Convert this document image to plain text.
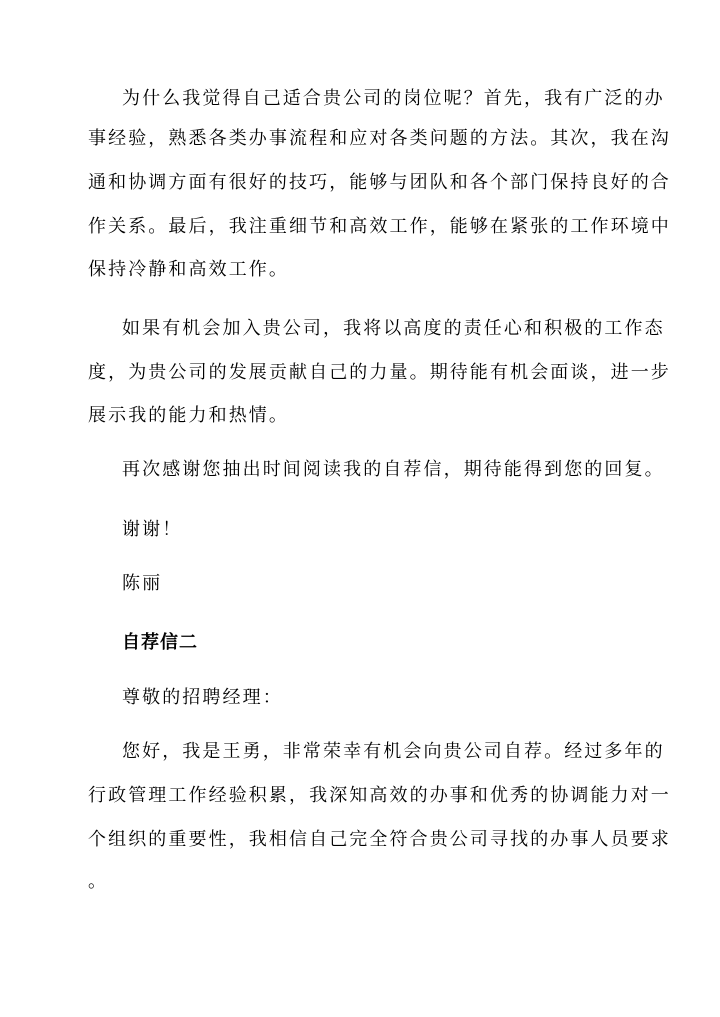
为什么我觉得自己适合贵公司的岗位呢？首先，我有广泛的办

事经验，熟悉各类办事流程和应对各类问题的方法。其次，我在沟

通和协调方面有很好的技巧，能够与团队和各个部门保持良好的合

作关系。最后，我注重细节和高效工作，能够在紧张的工作环境中

保持冷静和高效工作。

如果有机会加入贵公司，我将以高度的责任心和积极的工作态

度，为贵公司的发展贡献自己的力量。期待能有机会面谈，进一步

展示我的能力和热情。

再次感谢您抽出时间阅读我的自荐信，期待能得到您的回复。

谢谢！

陈丽

自荐信二

尊敬的招聘经理：

您好，我是王勇，非常荣幸有机会向贵公司自荐。经过多年的

行政管理工作经验积累，我深知高效的办事和优秀的协调能力对一

个组织的重要性，我相信自己完全符合贵公司寻找的办事人员要求

。
